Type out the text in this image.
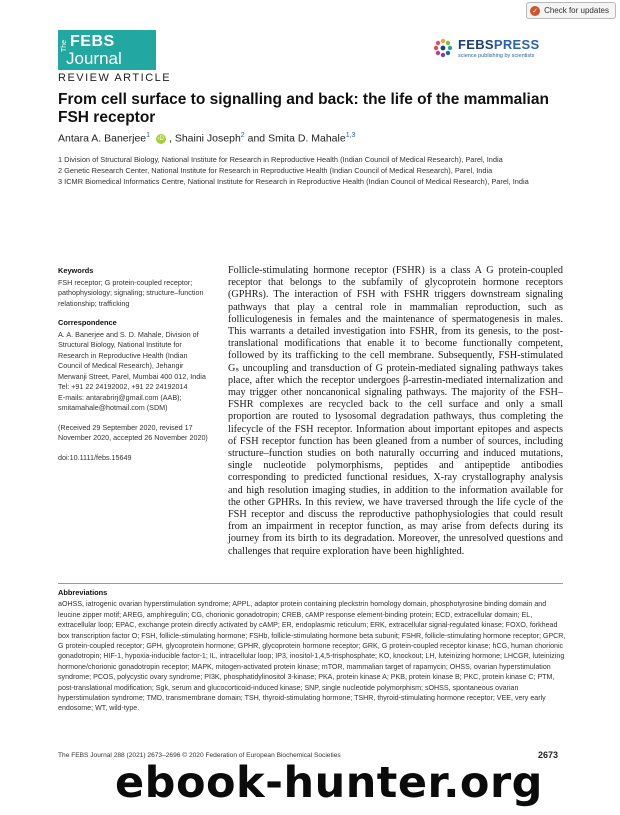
✓ Check for updates
The FEBS
Journal
REVIEW ARTICLE
FEBSPRESS
science publishing by scientists
From cell surface to signalling and back: the life of the mammalian FSH receptor
Antara A. Banerjee$^1$ iD , Shaini Joseph$^2$ and Smita D. Mahale$^{1,3}$
1 Division of Structural Biology, National Institute for Research in Reproductive Health (Indian Council of Medical Research), Parel, India
2 Genetic Research Center, National Institute for Research in Reproductive Health (Indian Council of Medical Research), Parel, India
3 ICMR Biomedical Informatics Centre, National Institute for Research in Reproductive Health (Indian Council of Medical Research), Parel, India
Keywords

FSH receptor; G protein-coupled receptor; pathophysiology; signaling; structure–function relationship; trafficking

Correspondence

A. A. Banerjee and S. D. Mahale, Division of Structural Biology, National Institute for Research in Reproductive Health (Indian Council of Medical Research), Jehangir Merwanji Street, Parel, Mumbai 400 012, India

Tel: +91 22 24192002, +91 22 24192014

E-mails: antarabrirj@gmail.com (AAB); smitamahale@hotmail.com (SDM)

(Received 29 September 2020, revised 17 November 2020, accepted 26 November 2020)

doi:10.1111/febs.15649

Follicle-stimulating hormone receptor (FSHR) is a class A G protein-coupled receptor that belongs to the subfamily of glycoprotein hormone receptors (GPHRs). The interaction of FSH with FSHR triggers downstream signaling pathways that play a central role in mammalian reproduction, such as folliculogenesis in females and the maintenance of spermatogenesis in males. This warrants a detailed investigation into FSHR, from its genesis, to the post-translational modifications that enable it to become functionally competent, followed by its trafficking to the cell membrane. Subsequently, FSH-stimulated Gₛ uncoupling and transduction of G protein-mediated signaling pathways takes place, after which the receptor undergoes β-arrestin-mediated internalization and may trigger other noncanonical signaling pathways. The majority of the FSH–FSHR complexes are recycled back to the cell surface and only a small proportion are routed to lysosomal degradation pathways, thus completing the lifecycle of the FSH receptor. Information about important epitopes and aspects of FSH receptor function has been gleaned from a number of sources, including structure–function studies on both naturally occurring and induced mutations, single nucleotide polymorphisms, peptides and antipeptide antibodies corresponding to predicted functional residues, X-ray crystallography analysis and high resolution imaging studies, in addition to the information available for the other GPHRs. In this review, we have traversed through the life cycle of the FSH receptor and discuss the reproductive pathophysiologies that could result from an impairment in receptor function, as may arise from defects during its journey from its birth to its degradation. Moreover, the unresolved questions and challenges that require exploration have been highlighted.

Abbreviations

aOHSS, iatrogenic ovarian hyperstimulation syndrome; APPL, adaptor protein containing pleckstrin homology domain, phosphotyrosine binding domain and leucine zipper motif; AREG, amphiregulin; CG, chorionic gonadotropin; CREB, cAMP response element-binding protein; ECD, extracellular domain; EL, extracellular loop; EPAC, exchange protein directly activated by cAMP; ER, endoplasmic reticulum; ERK, extracellular signal-regulated kinase; FOXO, forkhead box transcription factor O; FSH, follicle-stimulating hormone; FSHb, follicle-stimulating hormone beta subunit; FSHR, follicle-stimulating hormone receptor; GPCR, G protein-coupled receptor; GPH, glycoprotein hormone; GPHR, glycoprotein hormone receptor; GRK, G protein-coupled receptor kinase; hCG, human chorionic gonadotropin; HIF-1, hypoxia-inducible factor-1; IL, intracellular loop; IP3, inositol-1,4,5-trisphosphate; KO, knockout; LH, luteinizing hormone; LHCGR, luteinizing hormone/chorionic gonadotropin receptor; MAPK, mitogen-activated protein kinase; mTOR, mammalian target of rapamycin; OHSS, ovarian hyperstimulation syndrome; PCOS, polycystic ovary syndrome; PI3K, phosphatidylinositol 3-kinase; PKA, protein kinase A; PKB, protein kinase B; PKC, protein kinase C; PTM, post-translational modification; Sgk, serum and glucocorticoid-induced kinase; SNP, single nucleotide polymorphism; sOHSS, spontaneous ovarian hyperstimulation syndrome; TMD, transmembrane domain; TSH, thyroid-stimulating hormone; TSHR, thyroid-stimulating hormone receptor; VEE, very early endosome; WT, wild-type.

The FEBS Journal 288 (2021) 2673–2696 © 2020 Federation of European Biochemical Societies	2673
ebook-hunter.org
